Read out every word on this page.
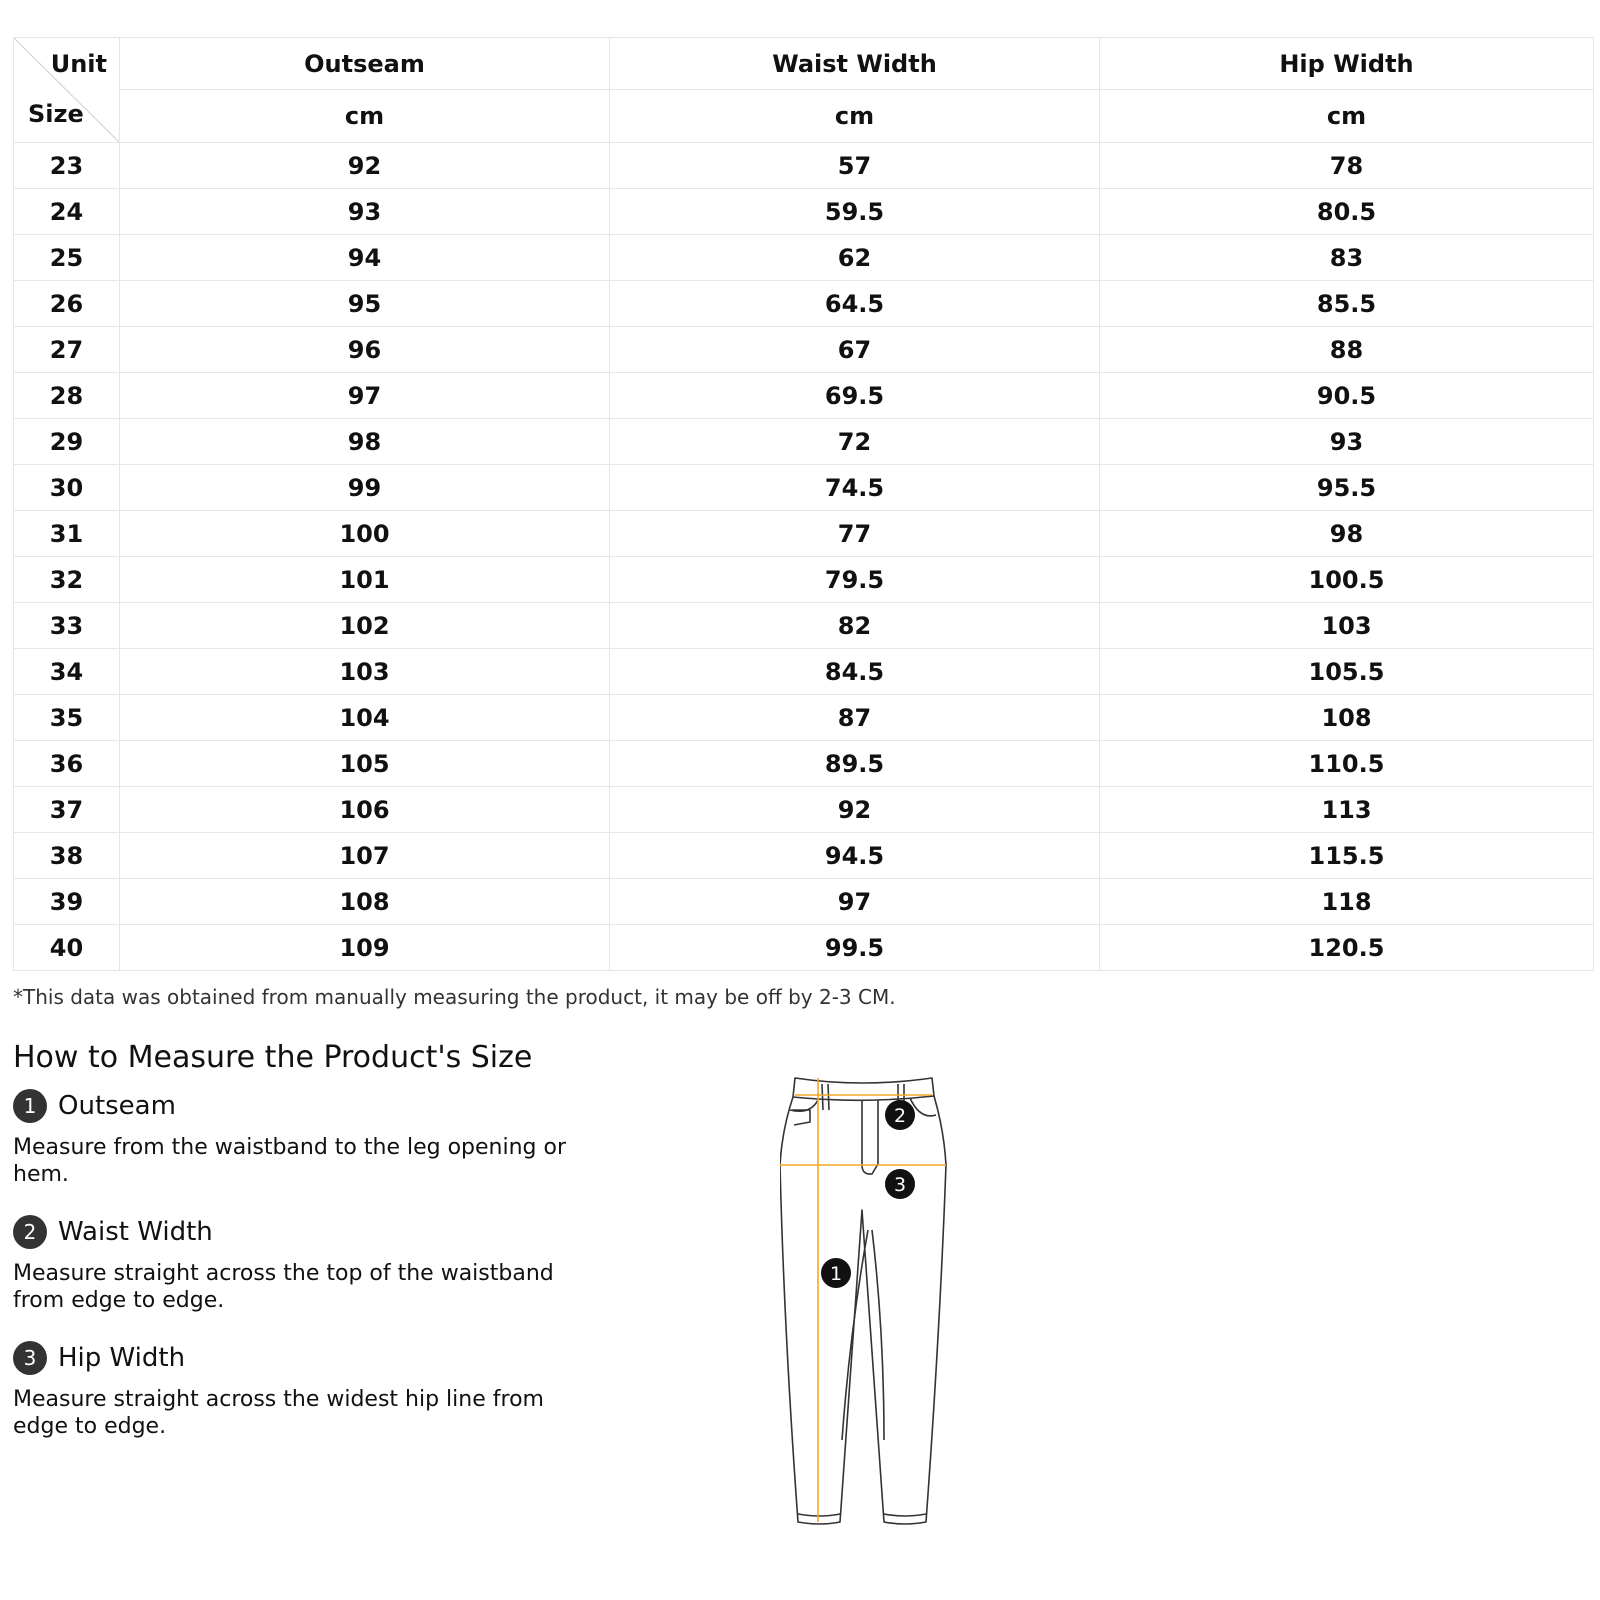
Unit
Size	Outseam	Waist Width	Hip Width
	cm	cm	cm
23	92	57	78
24	93	59.5	80.5
25	94	62	83
26	95	64.5	85.5
27	96	67	88
28	97	69.5	90.5
29	98	72	93
30	99	74.5	95.5
31	100	77	98
32	101	79.5	100.5
33	102	82	103
34	103	84.5	105.5
35	104	87	108
36	105	89.5	110.5
37	106	92	113
38	107	94.5	115.5
39	108	97	118
40	109	99.5	120.5
*This data was obtained from manually measuring the product, it may be off by 2-3 CM.
How to Measure the Product's Size
1 Outseam
Measure from the waistband to the leg opening or hem.
2 Waist Width
Measure straight across the top of the waistband from edge to edge.
3 Hip Width
Measure straight across the widest hip line from edge to edge.
1
2
3
